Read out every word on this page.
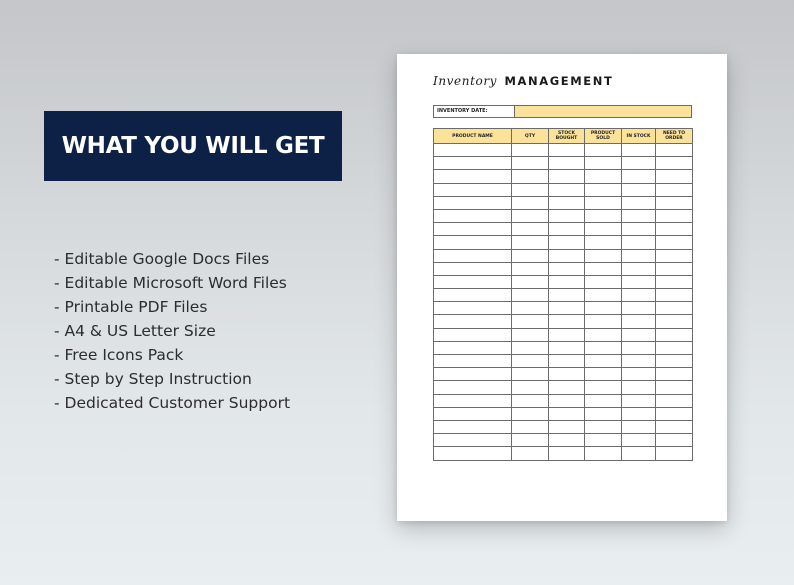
WHAT YOU WILL GET
- Editable Google Docs Files
- Editable Microsoft Word Files
- Printable PDF Files
- A4 & US Letter Size
- Free Icons Pack
- Step by Step Instruction
- Dedicated Customer Support
Inventory MANAGEMENT
INVENTORY DATE:
PRODUCT NAME	QTY	STOCK BOUGHT	PRODUCT SOLD	IN STOCK	NEED TO ORDER
